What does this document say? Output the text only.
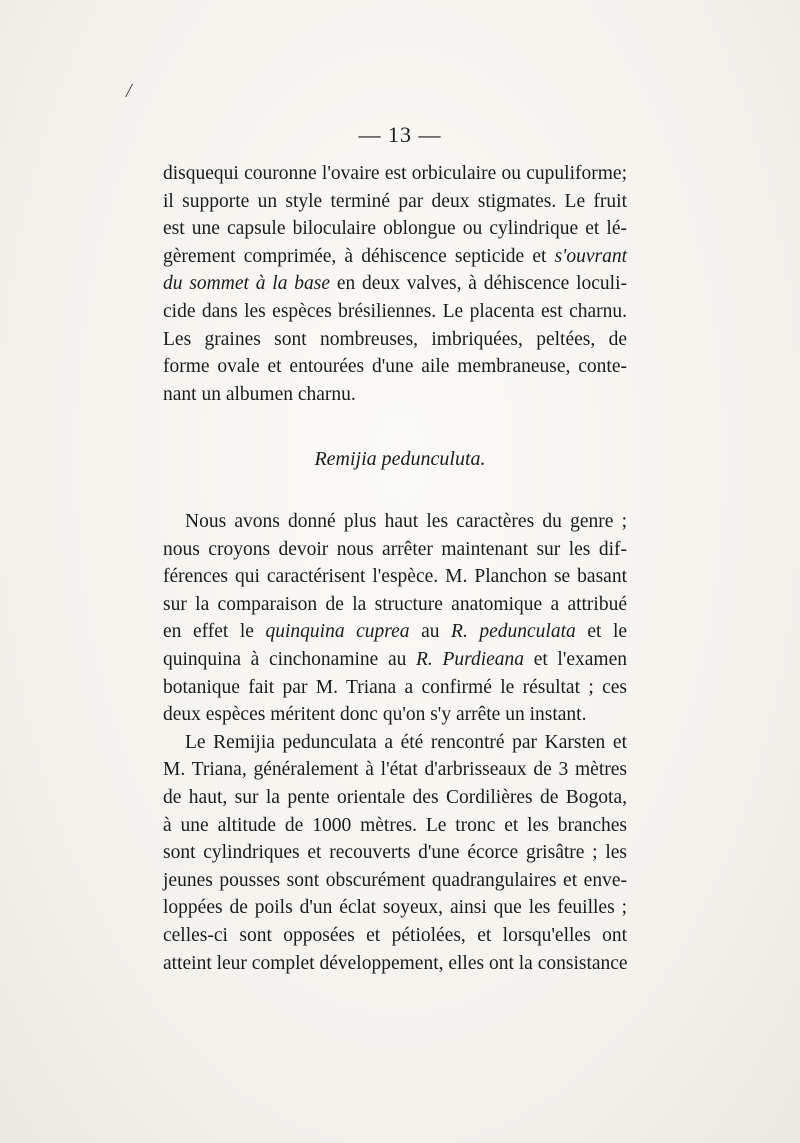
/
— 13 —
disquequi couronne l'ovaire est orbiculaire ou cupuliforme;
il supporte un style terminé par deux stigmates. Le fruit
est une capsule biloculaire oblongue ou cylindrique et lé-
gèrement comprimée, à déhiscence septicide et s'ouvrant
du sommet à la base en deux valves, à déhiscence loculi-
cide dans les espèces brésiliennes. Le placenta est charnu.
Les graines sont nombreuses, imbriquées, peltées, de
forme ovale et entourées d'une aile membraneuse, conte-
nant un albumen charnu.
Remijia pedunculuta.
Nous avons donné plus haut les caractères du genre ;
nous croyons devoir nous arrêter maintenant sur les dif-
férences qui caractérisent l'espèce. M. Planchon se basant
sur la comparaison de la structure anatomique a attribué
en effet le quinquina cuprea au R. pedunculata et le
quinquina à cinchonamine au R. Purdieana et l'examen
botanique fait par M. Triana a confirmé le résultat ; ces
deux espèces méritent donc qu'on s'y arrête un instant.
Le Remijia pedunculata a été rencontré par Karsten et
M. Triana, généralement à l'état d'arbrisseaux de 3 mètres
de haut, sur la pente orientale des Cordilières de Bogota,
à une altitude de 1000 mètres. Le tronc et les branches
sont cylindriques et recouverts d'une écorce grisâtre ; les
jeunes pousses sont obscurément quadrangulaires et enve-
loppées de poils d'un éclat soyeux, ainsi que les feuilles ;
celles-ci sont opposées et pétiolées, et lorsqu'elles ont
atteint leur complet développement, elles ont la consistance
